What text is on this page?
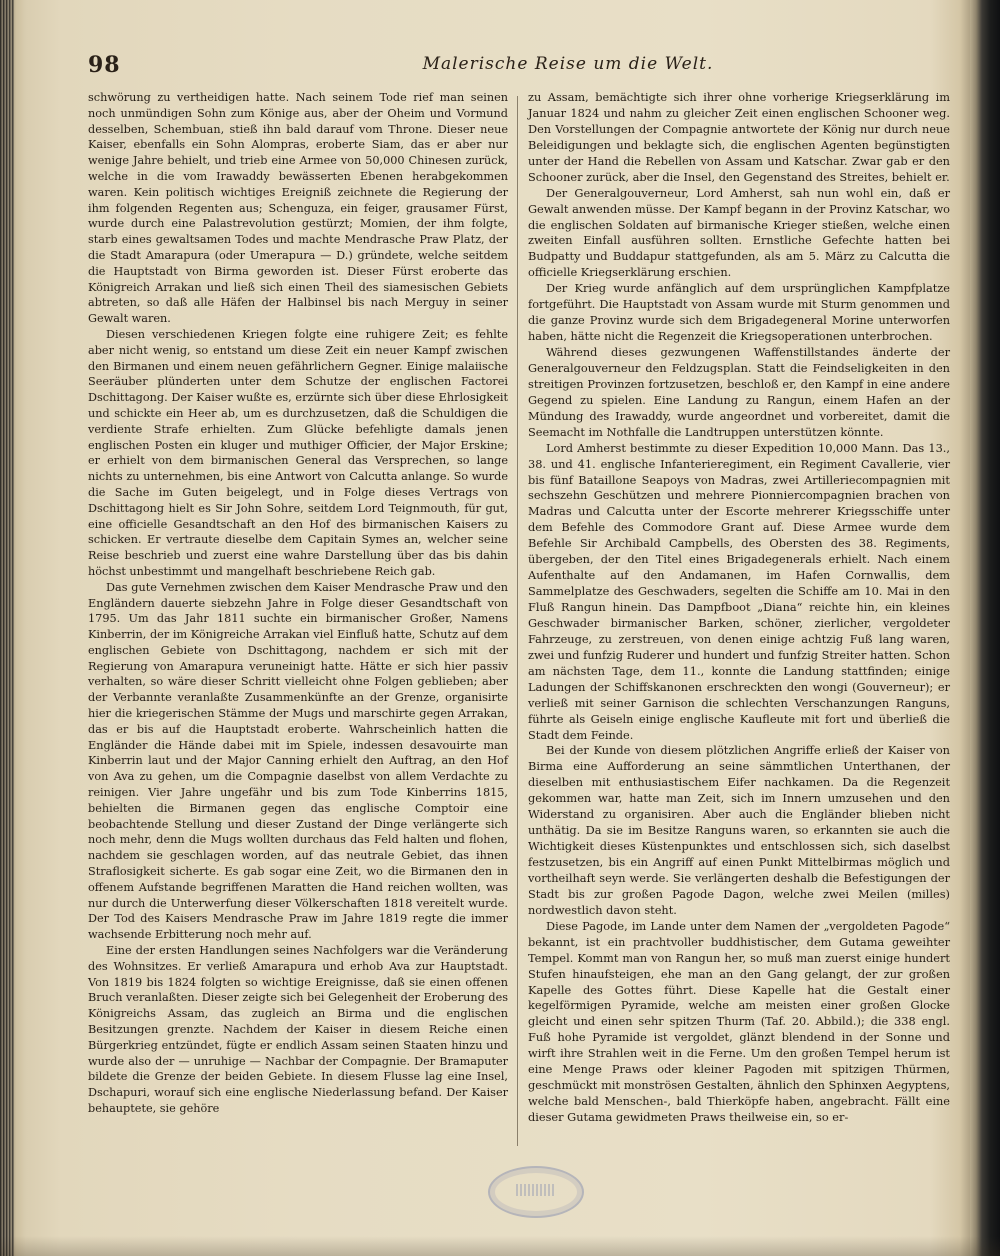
98	Malerische Reise um die Welt.

schwörung zu vertheidigen hatte. Nach seinem Tode rief man seinen noch unmündigen Sohn zum Könige aus, aber der Oheim und Vormund desselben, Schembuan, stieß ihn bald darauf vom Throne. Dieser neue Kaiser, ebenfalls ein Sohn Alompras, eroberte Siam, das er aber nur wenige Jahre behielt, und trieb eine Armee von 50,000 Chinesen zurück, welche in die vom Irawaddy bewässerten Ebenen herabgekommen waren. Kein politisch wichtiges Ereigniß zeichnete die Regierung der ihm folgenden Regenten aus; Schenguza, ein feiger, grausamer Fürst, wurde durch eine Palastrevolution gestürzt; Momien, der ihm folgte, starb eines gewaltsamen Todes und machte Mendrasche Praw Platz, der die Stadt Amarapura (oder Umerapura — D.) gründete, welche seitdem die Hauptstadt von Birma geworden ist. Dieser Fürst eroberte das Königreich Arrakan und ließ sich einen Theil des siamesischen Gebiets abtreten, so daß alle Häfen der Halbinsel bis nach Merguy in seiner Gewalt waren.

Diesen verschiedenen Kriegen folgte eine ruhigere Zeit; es fehlte aber nicht wenig, so entstand um diese Zeit ein neuer Kampf zwischen den Birmanen und einem neuen gefährlichern Gegner. Einige malaiische Seeräuber plünderten unter dem Schutze der englischen Factorei Dschittagong. Der Kaiser wußte es, erzürnte sich über diese Ehrlosigkeit und schickte ein Heer ab, um es durchzusetzen, daß die Schuldigen die verdiente Strafe erhielten. Zum Glücke befehligte damals jenen englischen Posten ein kluger und muthiger Officier, der Major Erskine; er erhielt von dem birmanischen General das Versprechen, so lange nichts zu unternehmen, bis eine Antwort von Calcutta anlange. So wurde die Sache im Guten beigelegt, und in Folge dieses Vertrags von Dschittagong hielt es Sir John Sohre, seitdem Lord Teignmouth, für gut, eine officielle Gesandtschaft an den Hof des birmanischen Kaisers zu schicken. Er vertraute dieselbe dem Capitain Symes an, welcher seine Reise beschrieb und zuerst eine wahre Darstellung über das bis dahin höchst unbestimmt und mangelhaft beschriebene Reich gab.

Das gute Vernehmen zwischen dem Kaiser Mendrasche Praw und den Engländern dauerte siebzehn Jahre in Folge dieser Gesandtschaft von 1795. Um das Jahr 1811 suchte ein birmanischer Großer, Namens Kinberrin, der im Königreiche Arrakan viel Einfluß hatte, Schutz auf dem englischen Gebiete von Dschittagong, nachdem er sich mit der Regierung von Amarapura veruneinigt hatte. Hätte er sich hier passiv verhalten, so wäre dieser Schritt vielleicht ohne Folgen geblieben; aber der Verbannte veranlaßte Zusammenkünfte an der Grenze, organisirte hier die kriegerischen Stämme der Mugs und marschirte gegen Arrakan, das er bis auf die Hauptstadt eroberte. Wahrscheinlich hatten die Engländer die Hände dabei mit im Spiele, indessen desavouirte man Kinberrin laut und der Major Canning erhielt den Auftrag, an den Hof von Ava zu gehen, um die Compagnie daselbst von allem Verdachte zu reinigen. Vier Jahre ungefähr und bis zum Tode Kinberrins 1815, behielten die Birmanen gegen das englische Comptoir eine beobachtende Stellung und dieser Zustand der Dinge verlängerte sich noch mehr, denn die Mugs wollten durchaus das Feld halten und flohen, nachdem sie geschlagen worden, auf das neutrale Gebiet, das ihnen Straflosigkeit sicherte. Es gab sogar eine Zeit, wo die Birmanen den in offenem Aufstande begriffenen Maratten die Hand reichen wollten, was nur durch die Unterwerfung dieser Völkerschaften 1818 vereitelt wurde. Der Tod des Kaisers Mendrasche Praw im Jahre 1819 regte die immer wachsende Erbitterung noch mehr auf.

Eine der ersten Handlungen seines Nachfolgers war die Veränderung des Wohnsitzes. Er verließ Amarapura und erhob Ava zur Hauptstadt. Von 1819 bis 1824 folgten so wichtige Ereignisse, daß sie einen offenen Bruch veranlaßten. Dieser zeigte sich bei Gelegenheit der Eroberung des Königreichs Assam, das zugleich an Birma und die englischen Besitzungen grenzte. Nachdem der Kaiser in diesem Reiche einen Bürgerkrieg entzündet, fügte er endlich Assam seinen Staaten hinzu und wurde also der — unruhige — Nachbar der Compagnie. Der Bramaputer bildete die Grenze der beiden Gebiete. In diesem Flusse lag eine Insel, Dschapuri, worauf sich eine englische Niederlassung befand. Der Kaiser behauptete, sie gehöre

zu Assam, bemächtigte sich ihrer ohne vorherige Kriegserklärung im Januar 1824 und nahm zu gleicher Zeit einen englischen Schooner weg. Den Vorstellungen der Compagnie antwortete der König nur durch neue Beleidigungen und beklagte sich, die englischen Agenten begünstigten unter der Hand die Rebellen von Assam und Katschar. Zwar gab er den Schooner zurück, aber die Insel, den Gegenstand des Streites, behielt er.

Der Generalgouverneur, Lord Amherst, sah nun wohl ein, daß er Gewalt anwenden müsse. Der Kampf begann in der Provinz Katschar, wo die englischen Soldaten auf birmanische Krieger stießen, welche einen zweiten Einfall ausführen sollten. Ernstliche Gefechte hatten bei Budpatty und Buddapur stattgefunden, als am 5. März zu Calcutta die officielle Kriegserklärung erschien.

Der Krieg wurde anfänglich auf dem ursprünglichen Kampfplatze fortgeführt. Die Hauptstadt von Assam wurde mit Sturm genommen und die ganze Provinz wurde sich dem Brigadegeneral Morine unterworfen haben, hätte nicht die Regenzeit die Kriegsoperationen unterbrochen.

Während dieses gezwungenen Waffenstillstandes änderte der Generalgouverneur den Feldzugsplan. Statt die Feindseligkeiten in den streitigen Provinzen fortzusetzen, beschloß er, den Kampf in eine andere Gegend zu spielen. Eine Landung zu Rangun, einem Hafen an der Mündung des Irawaddy, wurde angeordnet und vorbereitet, damit die Seemacht im Nothfalle die Landtruppen unterstützen könnte.

Lord Amherst bestimmte zu dieser Expedition 10,000 Mann. Das 13., 38. und 41. englische Infanterieregiment, ein Regiment Cavallerie, vier bis fünf Bataillone Seapoys von Madras, zwei Artilleriecompagnien mit sechszehn Geschützen und mehrere Pionniercompagnien brachen von Madras und Calcutta unter der Escorte mehrerer Kriegsschiffe unter dem Befehle des Commodore Grant auf. Diese Armee wurde dem Befehle Sir Archibald Campbells, des Obersten des 38. Regiments, übergeben, der den Titel eines Brigadegenerals erhielt. Nach einem Aufenthalte auf den Andamanen, im Hafen Cornwallis, dem Sammelplatze des Geschwaders, segelten die Schiffe am 10. Mai in den Fluß Rangun hinein. Das Dampfboot „Diana“ reichte hin, ein kleines Geschwader birmanischer Barken, schöner, zierlicher, vergoldeter Fahrzeuge, zu zerstreuen, von denen einige achtzig Fuß lang waren, zwei und funfzig Ruderer und hundert und funfzig Streiter hatten. Schon am nächsten Tage, dem 11., konnte die Landung stattfinden; einige Ladungen der Schiffskanonen erschreckten den wongi (Gouverneur); er verließ mit seiner Garnison die schlechten Verschanzungen Ranguns, führte als Geiseln einige englische Kaufleute mit fort und überließ die Stadt dem Feinde.

Bei der Kunde von diesem plötzlichen Angriffe erließ der Kaiser von Birma eine Aufforderung an seine sämmtlichen Unterthanen, der dieselben mit enthusiastischem Eifer nachkamen. Da die Regenzeit gekommen war, hatte man Zeit, sich im Innern umzusehen und den Widerstand zu organisiren. Aber auch die Engländer blieben nicht unthätig. Da sie im Besitze Ranguns waren, so erkannten sie auch die Wichtigkeit dieses Küstenpunktes und entschlossen sich, sich daselbst festzusetzen, bis ein Angriff auf einen Punkt Mittelbirmas möglich und vortheilhaft seyn werde. Sie verlängerten deshalb die Befestigungen der Stadt bis zur großen Pagode Dagon, welche zwei Meilen (milles) nordwestlich davon steht.

Diese Pagode, im Lande unter dem Namen der „vergoldeten Pagode“ bekannt, ist ein prachtvoller buddhistischer, dem Gutama geweihter Tempel. Kommt man von Rangun her, so muß man zuerst einige hundert Stufen hinaufsteigen, ehe man an den Gang gelangt, der zur großen Kapelle des Gottes führt. Diese Kapelle hat die Gestalt einer kegelförmigen Pyramide, welche am meisten einer großen Glocke gleicht und einen sehr spitzen Thurm (Taf. 20. Abbild.); die 338 engl. Fuß hohe Pyramide ist vergoldet, glänzt blendend in der Sonne und wirft ihre Strahlen weit in die Ferne. Um den großen Tempel herum ist eine Menge Praws oder kleiner Pagoden mit spitzigen Thürmen, geschmückt mit monströsen Gestalten, ähnlich den Sphinxen Aegyptens, welche bald Menschen-, bald Thierköpfe haben, angebracht. Fällt eine dieser Gutama gewidmeten Praws theilweise ein, so er-
